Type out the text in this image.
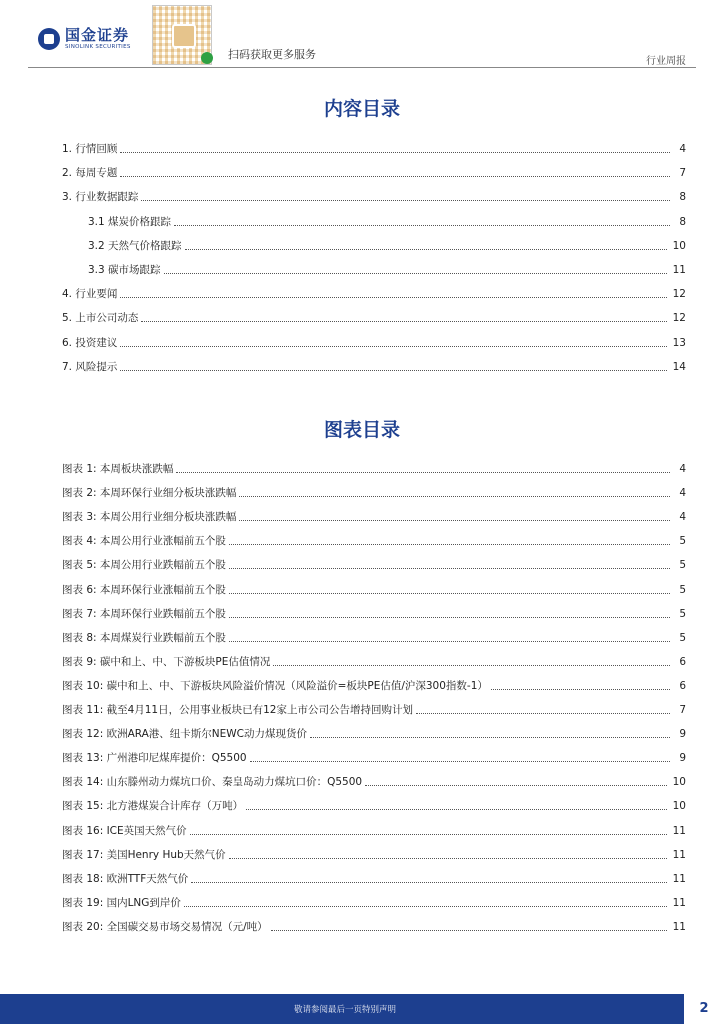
国金证券
SINOLINK SECURITIES
扫码获取更多服务
行业周报
内容目录
1. 行情回顾	4
2. 每周专题	7
3. 行业数据跟踪	8
3.1 煤炭价格跟踪	8
3.2 天然气价格跟踪	10
3.3 碳市场跟踪	11
4. 行业要闻	12
5. 上市公司动态	12
6. 投资建议	13
7. 风险提示	14
图表目录
图表 1: 本周板块涨跌幅	4
图表 2: 本周环保行业细分板块涨跌幅	4
图表 3: 本周公用行业细分板块涨跌幅	4
图表 4: 本周公用行业涨幅前五个股	5
图表 5: 本周公用行业跌幅前五个股	5
图表 6: 本周环保行业涨幅前五个股	5
图表 7: 本周环保行业跌幅前五个股	5
图表 8: 本周煤炭行业跌幅前五个股	5
图表 9: 碳中和上、中、下游板块PE估值情况	6
图表 10: 碳中和上、中、下游板块风险溢价情况（风险溢价=板块PE估值/沪深300指数-1）	6
图表 11: 截至4月11日，公用事业板块已有12家上市公司公告增持回购计划	7
图表 12: 欧洲ARA港、纽卡斯尔NEWC动力煤现货价	9
图表 13: 广州港印尼煤库提价：Q5500	9
图表 14: 山东滕州动力煤坑口价、秦皇岛动力煤坑口价：Q5500	10
图表 15: 北方港煤炭合计库存（万吨）	10
图表 16: ICE英国天然气价	11
图表 17: 美国Henry Hub天然气价	11
图表 18: 欧洲TTF天然气价	11
图表 19: 国内LNG到岸价	11
图表 20: 全国碳交易市场交易情况（元/吨）	11
敬请参阅最后一页特别声明	2
